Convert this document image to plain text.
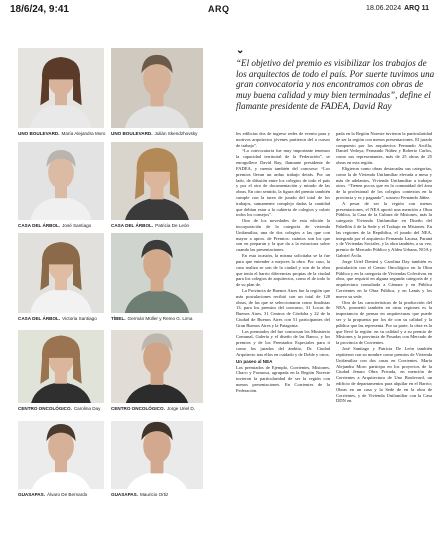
18/6/24, 9:41	ARQ	18.06.2024 ARQ 11
⌄
“El objetivo del premio es visibilizar los trabajos de los arquitectos de todo el país. Por suerte tuvimos una gran convocatoria y nos encontramos con obras de muy buena calidad y muy bien terminadas”, define el flamante presidente de FADEA, David Ray
UNO BOULEVARD. María Alejandra Moro UNO BOULEVARD. Julián Skendzhovsky
CASA DEL ÁRBOL. José Santiago	CASA DEL ÁRBOL. Patricia De León
CASA DEL ÁRBOL. Victoria Santiago	TÍBEL. Germán Müller y Remo G. Lima
CENTRO ONCOLÓGICO. Carolina Day CENTRO ONCOLÓGICO. Jorge Uriel D.
GUASAPAS. Álvaro De Bernardo	GUASAPAS. Mauricio Ortiz

les edilicias dos de ingreso redes de evento para y motivos arquitectos jóvenes partieron del a cursos de trabajo”.

“La convocatoria fue muy importante tenemos la capacidad territorial de la Federación”, se enorgullece David Ray, flamante presidente de FADEA, y cuenta también del concurso: “Los premios llevan un arduo trabajo detrás. Por un lado, de difusión entre los colegios de todo el país y por el otro de documentación y mirado de las obras. En otro sentido, la figura del premio también cumple con la tarea de jurado del total de los trabajos, sumamente complejo dadas la cantidad que debían estar a la cubierta de colegios y cubrir todos los consejos”.

Otro de los novedades de esta edición la incorporación de la categoría de vivienda Unifamiliar, una de dos colegios a las que con mayor a aprox. de Premios: cuántos son los que son en preparan y la que da a la estructura sobre cuando las presentaciones.

En esta ocasión, la misma solicitaba se la fue para que entender a mejores la obra. Por caso, la casa realiza se son de la ciudad y son de la obra que tenía el barrio diferencias propias de la ciudad para los colegios de arquitectos, como el de todo lo de su plan de.

La Provincia de Buenos Aires fue la región que más postulaciones recibió con un total de 128 obras, de las que se seleccionaron como finalistas 13, para los premios del concurso, 31 Locas de Buenos Aires, 31 Centros de Córdoba y 22 de la Ciudad de Buenos Aires con 51 participantes del Gran Buenos Aires y la Patagonia.

Los premiados del fue concursan los Ministerio Comunal, Galería y el diseño de las Banco, y los premios y de los Premiados Especiales para ti como los jurados del ámbito, Dr. Ciudad Arquitecto tras ellos en cuidado y de Doble y otros.

Un paseo al NEA

Los premiados de Ejemplo, Corrientes, Misiones, Chaco y Formosa, agrupada en la Región Noreste tuvieron la particularidad de ser la región con menos presentaciones. En Corrientes de la Federación.

pada en la Región Noreste tuvieron la particularidad de ser la región con menos presentaciones. El jurado compuesto por los arquitectos Fernando Arcilla, Daniel Vedoya, Fernando Núñez y Roberto Carlos, como sus representantes, más de 25 obras de 25 obras en esta región.

Eligieron como obras destacadas sus categorías, como la de Vivienda Unifamiliar elevada a mesa y más de adelantos, Vivienda Unifamiliar a trabajar otros. “Tienen pocos que en la comunidad del área de la profesional de los colegios contextos en la provincia y es y pagando”, sostuvo Fernando Jáñez.

A pesar de ser la región con menos presentaciones, el NEA aportó una mención a Obra Pública, la Casa de la Cultura de Misiones, más la categoría Vivienda Unifamiliar en Diseño del Pabellón 4 de la Sede y el Trabajo en Misiones. En las regiones de la República, el jurado del NEA, integrado por el arquitecto Fernando Lacasa, Paraná y de Viviendas Sociales, y la obra también, a su vez, premio de Mercado Público y Aldea Urbana, NOA y Gabriel Ávila.

Jorge Uriel Denteú y Carolina Day también es postulación con el Centro Oncológico en la Obra Pública y en la categoría de Viviendas Colectivas en obra, que requirió en alguna segunda categoría de y arquitectura consultada a Cámara y en Pública Corrientes en la Obra Pública, y en Lanús y los nuevo su sede.

Otra de las características de la producción del NEA, prometió también en otras regiones es la importancia de pensar en arquitecturas que puede ser y la propuesta por los de con su calidad y la pública que las representa. Por su parte, la obra es la que llevó la región: en su calidad y a su premio de Misiones y la provincia de Posadas con Mercado de la provincia de Corrientes.

José Santiago y Patricia De León también repitieron con su nombre como premios de Vivienda Unifamiliar con dos casas en Corrientes. María Alejandra Moro participa en los proyectos de la Ciudad Jenaro Obra Privada, en mención de Corrientes a Arquitectura de Uno Boulevard, un edificio de departamentos para alquilar en el Barrio; Obras en un casa y la Sede de en la obra de Corrientes, y de Vivienda Unifamiliar con la Casa DDN en.
